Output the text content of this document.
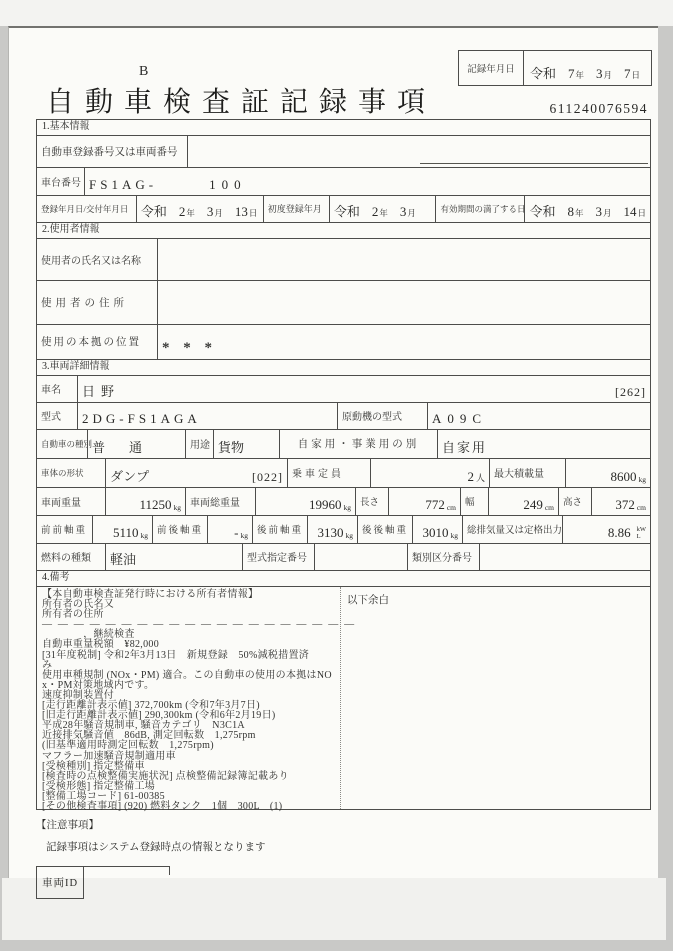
B
自動車検査証記録事項
記録年月日	令和 7 年 3 月 7 日
611240076594
1.基本情報
自動車登録番号又は車両番号
車台番号 FS1AG-	100
登録年月日/交付年月日 令和 2 年 3 月 13 日	初度登録年月 令和 2 年 3 月	有効期間の満了する日 令和 8 年 3 月 14 日
2.使用者情報
使用者の氏名又は名称
使用者の住所
使用の本拠の位置	* * *
3.車両詳細情報
車名	日野	[262]
型式	2DG-FS1AGA	原動機の型式	A09C
自動車の種別 普通	用途 貨物	自家用・事業用の別	自家用
車体の形状	ダンプ	[022] 乗車定員	2 人 最大積載量	8600 kg
車両重量	11250 kg 車両総重量	19960 kg 長さ	772 cm 幅	249 cm 高さ	372 cm
前前軸重	5110 kg 前後軸重	- kg 後前軸重	3130 kg 後後軸重	3010 kg 総排気量又は定格出力	8.86 kW
L
燃料の種類	軽油	型式指定番号	類別区分番号
4.備考
【本自動車検査証発行時における所有者情報】
所有者の氏名又
所有者の住所
—  —  —  —  —  —  —  —  —  —  —  —  —  —  —  —  —  —  —  —
　　　　，継続検査
自動車重量税額　¥82,000
[31年度税制] 令和2年3月13日　新規登録　50%減税措置済
み
使用車種規制 (NOx・PM) 適合。この自動車の使用の本拠はNO
x・PM対策地域内です。
速度抑制装置付
[走行距離計表示値] 372,700km (令和7年3月7日)
[旧走行距離計表示値] 290,300km (令和6年2月19日)
平成28年騒音規制車, 騒音カテゴリ　N3C1A
近接排気騒音値　86dB, 測定回転数　1,275rpm
(旧基準適用時測定回転数　1,275rpm)
マフラー加速騒音規制適用車
[受検種別] 指定整備車
[検査時の点検整備実施状況] 点検整備記録簿記載あり
[受検形態] 指定整備工場
[整備工場コード] 61-00385
[その他検査事項] (920) 燃料タンク　1個　300L　(1)
以下余白
【注意事項】
記録事項はシステム登録時点の情報となります
車両ID
